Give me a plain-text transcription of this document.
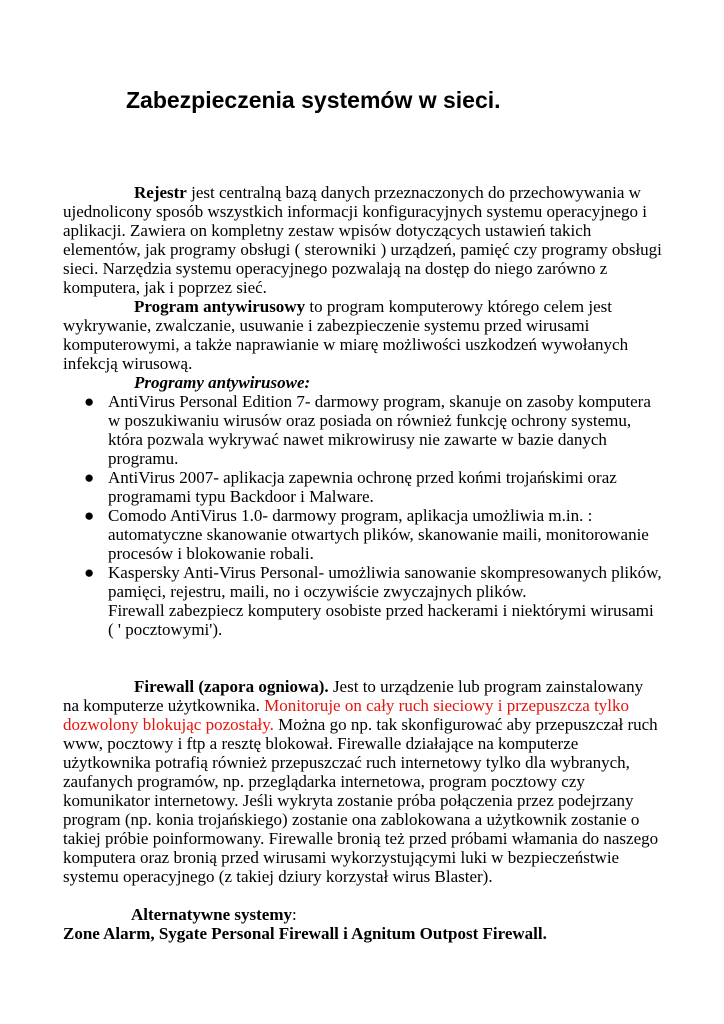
Zabezpieczenia systemów w sieci.

Rejestr jest centralną bazą danych przeznaczonych do przechowywania w ujednolicony sposób wszystkich informacji konfiguracyjnych systemu operacyjnego i aplikacji. Zawiera on kompletny zestaw wpisów dotyczących ustawień takich elementów, jak programy obsługi ( sterowniki ) urządzeń, pamięć czy programy obsługi sieci. Narzędzia systemu operacyjnego pozwalają na dostęp do niego zarówno z komputera, jak i poprzez sieć.

Program antywirusowy to program komputerowy którego celem jest wykrywanie, zwalczanie, usuwanie i zabezpieczenie systemu przed wirusami komputerowymi, a także naprawianie w miarę możliwości uszkodzeń wywołanych infekcją wirusową.

Programy antywirusowe:

● AntiVirus Personal Edition 7- darmowy program, skanuje on zasoby komputera w poszukiwaniu wirusów oraz posiada on również funkcję ochrony systemu, która pozwala wykrywać nawet mikrowirusy nie zawarte w bazie danych programu.
● AntiVirus 2007- aplikacja zapewnia ochronę przed końmi trojańskimi oraz programami typu Backdoor i Malware.
● Comodo AntiVirus 1.0- darmowy program, aplikacja umożliwia m.in. : automatyczne skanowanie otwartych plików, skanowanie maili, monitorowanie procesów i blokowanie robali.
● Kaspersky Anti-Virus Personal- umożliwia sanowanie skompresowanych plików, pamięci, rejestru, maili, no i oczywiście zwyczajnych plików.
Firewall zabezpiecz komputery osobiste przed hackerami i niektórymi wirusami ( ' pocztowymi').

Firewall (zapora ogniowa). Jest to urządzenie lub program zainstalowany na komputerze użytkownika. Monitoruje on cały ruch sieciowy i przepuszcza tylko dozwolony blokując pozostały. Można go np. tak skonfigurować aby przepuszczał ruch www, pocztowy i ftp a resztę blokował. Firewalle działające na komputerze użytkownika potrafią również przepuszczać ruch internetowy tylko dla wybranych, zaufanych programów, np. przeglądarka internetowa, program pocztowy czy komunikator internetowy. Jeśli wykryta zostanie próba połączenia przez podejrzany program (np. konia trojańskiego) zostanie ona zablokowana a użytkownik zostanie o takiej próbie poinformowany. Firewalle bronią też przed próbami włamania do naszego komputera oraz bronią przed wirusami wykorzystującymi luki w bezpieczeństwie systemu operacyjnego (z takiej dziury korzystał wirus Blaster).

Alternatywne systemy:

Zone Alarm, Sygate Personal Firewall i Agnitum Outpost Firewall.
